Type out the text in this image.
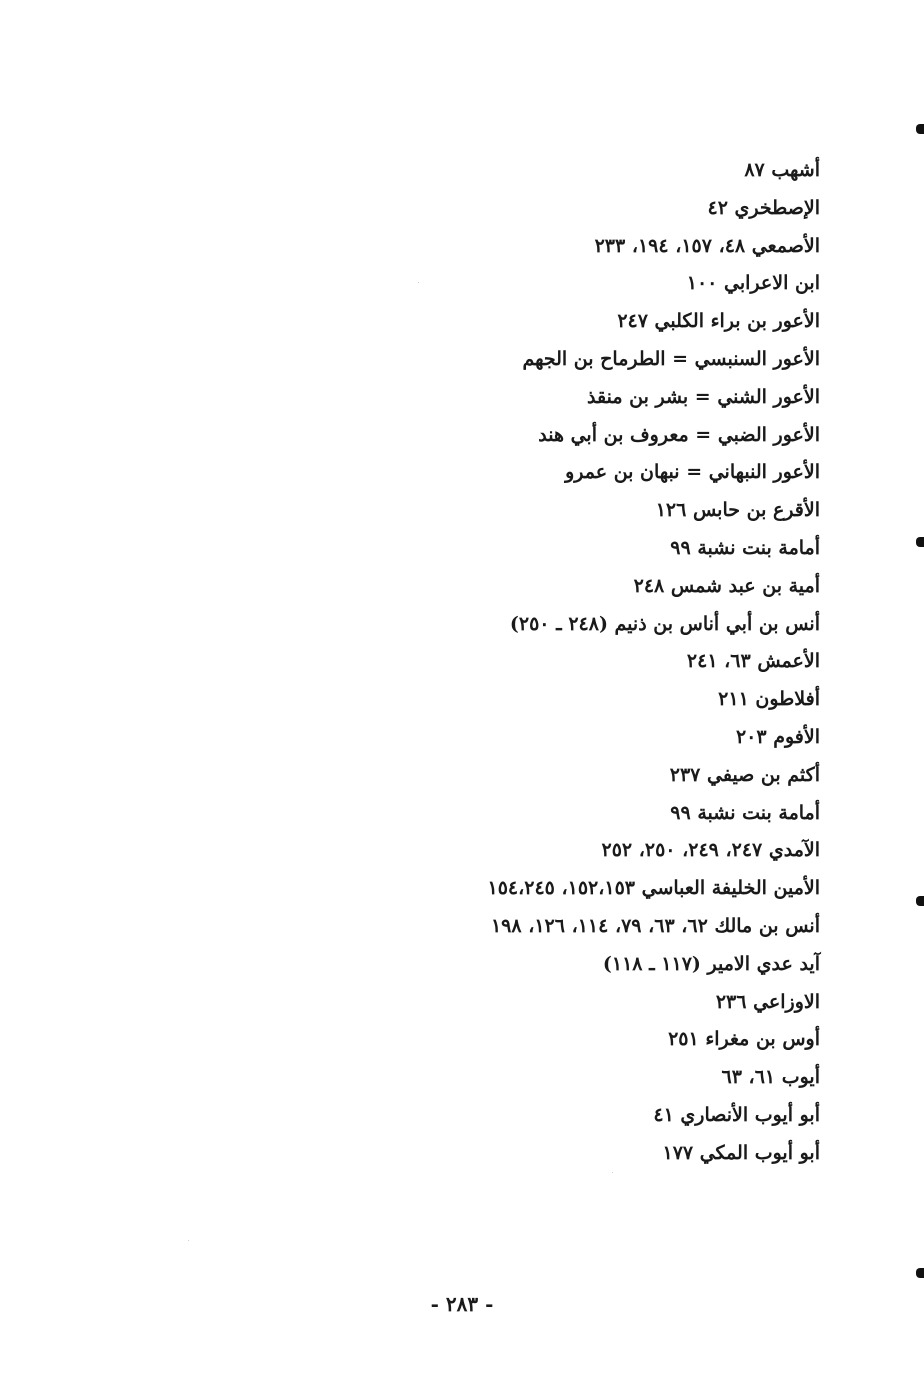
أشهب ٨٧
الإصطخري ٤٢
الأصمعي ٤٨، ١٥٧، ١٩٤، ٢٣٣
ابن الاعرابي ١٠٠
الأعور بن براء الكلبي ٢٤٧
الأعور السنبسي = الطرماح بن الجهم
الأعور الشني = بشر بن منقذ
الأعور الضبي = معروف بن أبي هند
الأعور النبهاني = نبهان بن عمرو
الأقرع بن حابس ١٢٦
أمامة بنت نشبة ٩٩
أمية بن عبد شمس ٢٤٨
أنس بن أبي أناس بن ذنيم (٢٤٨ ـ ٢٥٠)
الأعمش ٦٣، ٢٤١
أفلاطون ٢١١
الأفوم ٢٠٣
أكثم بن صيفي ٢٣٧
أمامة بنت نشبة ٩٩
الآمدي ٢٤٧، ٢٤٩، ٢٥٠، ٢٥٢
الأمين الخليفة العباسي ١٥٢،١٥٣، ١٥٤،٢٤٥
أنس بن مالك ٦٢، ٦٣، ٧٩، ١١٤، ١٢٦، ١٩٨
آيد عدي الامير (١١٧ ـ ١١٨)
الاوزاعي ٢٣٦
أوس بن مغراء ٢٥١
أيوب ٦١، ٦٣
أبو أيوب الأنصاري ٤١
أبو أيوب المكي ١٧٧
- ٢٨٣ -
